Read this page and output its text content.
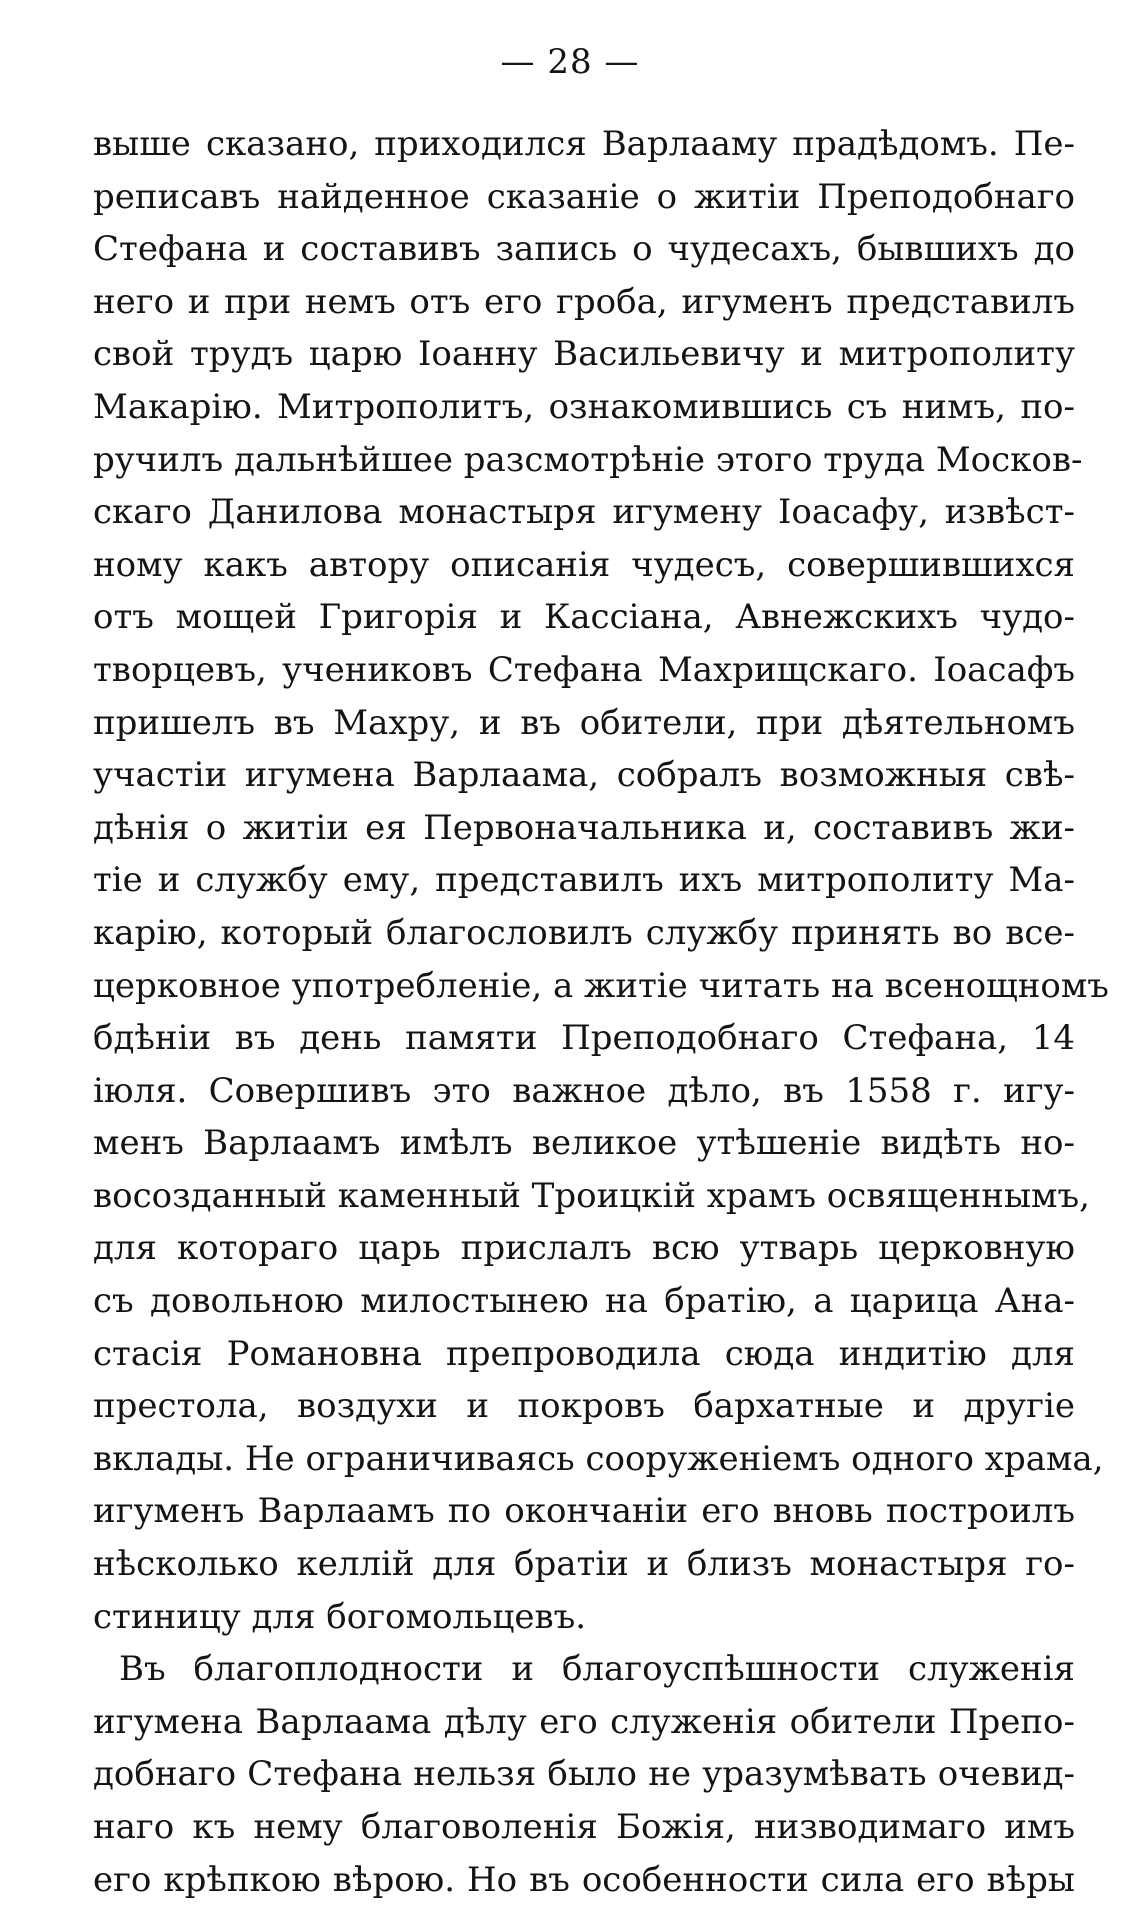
— 28 —
выше сказано, приходился Варлааму прадѣдомъ. Пе-
реписавъ найденное сказаніе о житіи Преподобнаго
Стефана и составивъ запись о чудесахъ, бывшихъ до
него и при немъ отъ его гроба, игуменъ представилъ
свой трудъ царю Іоанну Васильевичу и митрополиту
Макарію. Митрополитъ, ознакомившись съ нимъ, по-
ручилъ дальнѣйшее разсмотрѣніе этого труда Москов-
скаго Данилова монастыря игумену Іоасафу, извѣст-
ному какъ автору описанія чудесъ, совершившихся
отъ мощей Григорія и Кассіана, Авнежскихъ чудо-
творцевъ, учениковъ Стефана Махрищскаго. Іоасафъ
пришелъ въ Махру, и въ обители, при дѣятельномъ
участіи игумена Варлаама, собралъ возможныя свѣ-
дѣнія о житіи ея Первоначальника и, составивъ жи-
тіе и службу ему, представилъ ихъ митрополиту Ма-
карію, который благословилъ службу принять во все-
церковное употребленіе, а житіе читать на всенощномъ
бдѣніи въ день памяти Преподобнаго Стефана, 14
іюля. Совершивъ это важное дѣло, въ 1558 г. игу-
менъ Варлаамъ имѣлъ великое утѣшеніе видѣть но-
восозданный каменный Троицкій храмъ освященнымъ,
для котораго царь прислалъ всю утварь церковную
съ довольною милостынею на братію, а царица Ана-
стасія Романовна препроводила сюда индитію для
престола, воздухи и покровъ бархатные и другіе
вклады. Не ограничиваясь сооруженіемъ одного храма,
игуменъ Варлаамъ по окончаніи его вновь построилъ
нѣсколько келлій для братіи и близъ монастыря го-
стиницу для богомольцевъ.
Въ благоплодности и благоуспѣшности служенія
игумена Варлаама дѣлу его служенія обители Препо-
добнаго Стефана нельзя было не уразумѣвать очевид-
наго къ нему благоволенія Божія, низводимаго имъ
его крѣпкою вѣрою. Но въ особенности сила его вѣры
